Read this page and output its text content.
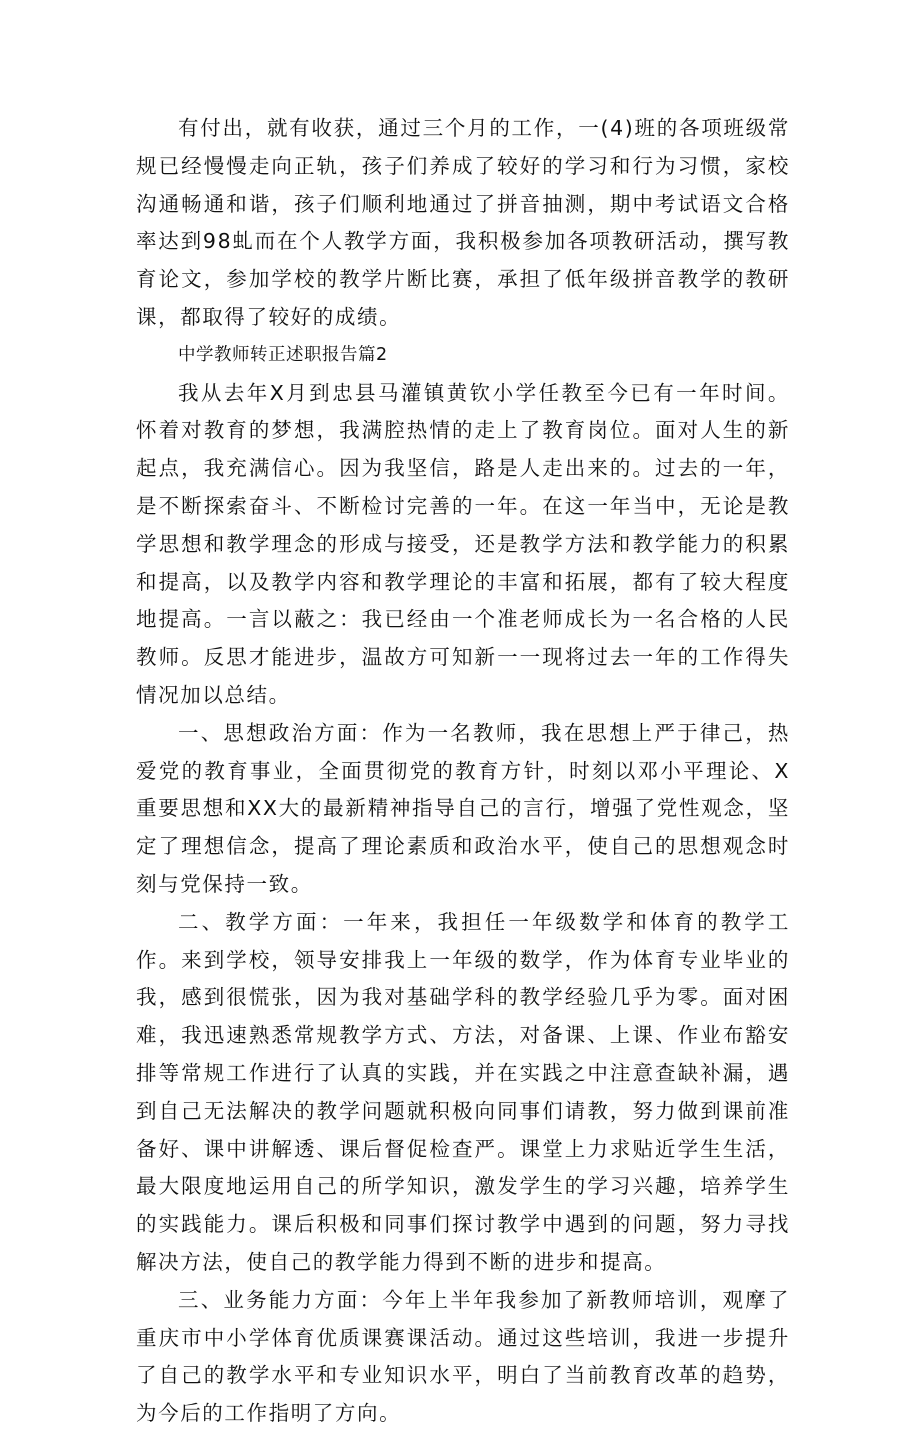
有付出，就有收获，通过三个月的工作，一(4)班的各项班级常规已经慢慢走向正轨，孩子们养成了较好的学习和行为习惯，家校沟通畅通和谐，孩子们顺利地通过了拼音抽测，期中考试语文合格率达到98虬而在个人教学方面，我积极参加各项教研活动，撰写教育论文，参加学校的教学片断比赛，承担了低年级拼音教学的教研课，都取得了较好的成绩。

中学教师转正述职报告篇2

我从去年X月到忠县马灌镇黄钦小学任教至今已有一年时间。怀着对教育的梦想，我满腔热情的走上了教育岗位。面对人生的新起点，我充满信心。因为我坚信，路是人走出来的。过去的一年，是不断探索奋斗、不断检讨完善的一年。在这一年当中，无论是教学思想和教学理念的形成与接受，还是教学方法和教学能力的积累和提高，以及教学内容和教学理论的丰富和拓展，都有了较大程度地提高。一言以蔽之：我已经由一个准老师成长为一名合格的人民教师。反思才能进步，温故方可知新一一现将过去一年的工作得失情况加以总结。

一、思想政治方面：作为一名教师，我在思想上严于律己，热爱党的教育事业，全面贯彻党的教育方针，时刻以邓小平理论、X重要思想和XX大的最新精神指导自己的言行，增强了党性观念，坚定了理想信念，提高了理论素质和政治水平，使自己的思想观念时刻与党保持一致。

二、教学方面：一年来，我担任一年级数学和体育的教学工作。来到学校，领导安排我上一年级的数学，作为体育专业毕业的我，感到很慌张，因为我对基础学科的教学经验几乎为零。面对困难，我迅速熟悉常规教学方式、方法，对备课、上课、作业布豁安排等常规工作进行了认真的实践，并在实践之中注意查缺补漏，遇到自己无法解决的教学问题就积极向同事们请教，努力做到课前准备好、课中讲解透、课后督促检查严。课堂上力求贴近学生生活，最大限度地运用自己的所学知识，激发学生的学习兴趣，培养学生的实践能力。课后积极和同事们探讨教学中遇到的问题，努力寻找解决方法，使自己的教学能力得到不断的进步和提高。

三、业务能力方面：今年上半年我参加了新教师培训，观摩了重庆市中小学体育优质课赛课活动。通过这些培训，我进一步提升了自己的教学水平和专业知识水平，明白了当前教育改革的趋势，为今后的工作指明了方向。
